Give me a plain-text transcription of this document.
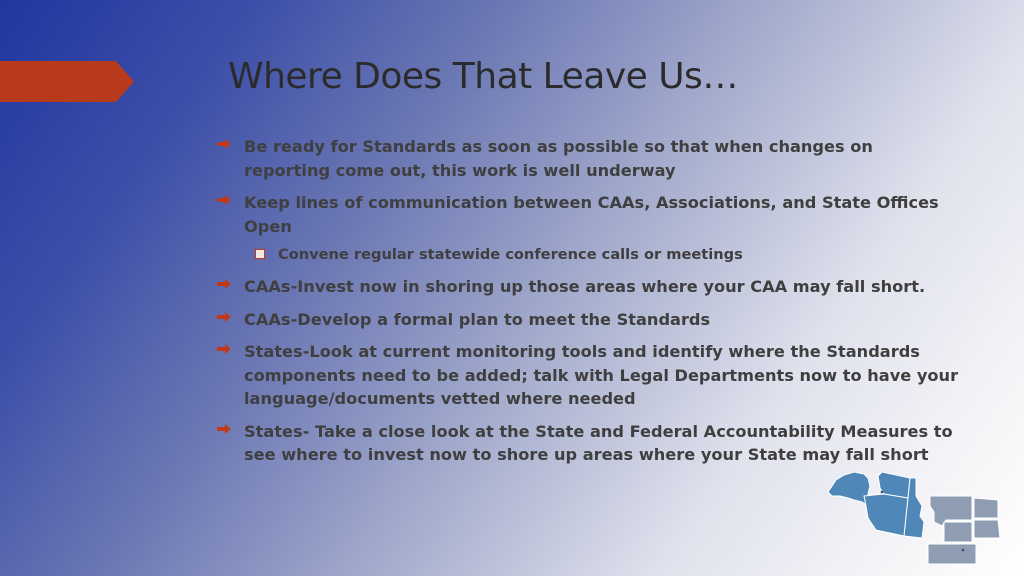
Where Does That Leave Us…
Be ready for Standards as soon as possible so that when changes on reporting come out, this work is well underway
Keep lines of communication between CAAs, Associations, and State Offices Open
Convene regular statewide conference calls or meetings
CAAs-Invest now in shoring up those areas where your CAA may fall short.
CAAs-Develop a formal plan to meet the Standards
States-Look at current monitoring tools and identify where the Standards components need to be added; talk with Legal Departments now to have your language/documents vetted where needed
States- Take a close look at the State and Federal Accountability Measures to see where to invest now to shore up areas where your State may fall short
